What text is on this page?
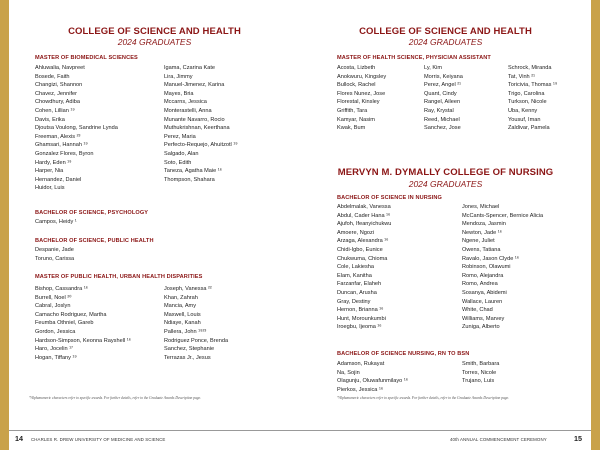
COLLEGE OF SCIENCE AND HEALTH
2024 GRADUATES
MASTER OF BIOMEDICAL SCIENCES
Ahluwalia, Navpreet
Bosede, Faith
Changizi, Shannon
Chavez, Jennifer
Chowdhury, Adiba
Cohen, Lillian ¹⁹
Davis, Erika
Djoutsa Voulong, Sandrine Lynda
Freeman, Alexis ²³
Ghamsari, Hannah ¹⁹
Gonzalez Flores, Byron
Hardy, Eden ¹⁹
Harper, Nia
Hernandez, Daniel
Huidor, Luis
Igama, Czarina Kate
Lira, Jimmy
Manuel-Jimenez, Karina
Mayes, Bria
Mccarns, Jessica
Monterastelli, Anna
Munante Navarro, Rocio
Muthukrishnan, Keerthana
Perez, Maria
Perfecto-Requejo, Ahuitzotl ¹⁹
Salgado, Alan
Soto, Edith
Taneza, Agatha Maie ¹⁶
Thompson, Shahara
BACHELOR OF SCIENCE, PSYCHOLOGY
Campos, Heidy ¹
BACHELOR OF SCIENCE, PUBLIC HEALTH
Despanie, Jade
Toruno, Carissa
MASTER OF PUBLIC HEALTH, URBAN HEALTH DISPARITIES
Bishop, Cassandra ¹⁶
Burrell, Noel ²⁰
Cabral, Joslyn
Camacho Rodriguez, Martha
Feumba Othniel, Gareb
Gordon, Jessica
Hardson-Simpson, Keonna Rayshell ¹⁶
Haro, Jocelin ¹⁷
Hogan, Tiffany ¹⁹
Joseph, Vanessa ²²
Khan, Zahrah
Mancia, Amy
Maxwell, Louis
Ndiaye, Kanah
Pallera, John ¹⁹²³
Rodriguez Ponce, Brenda
Sanchez, Stephanie
Terrazas Jr., Jesus
*Alphanumeric characters refer to specific awards. For further details, refer to the Graduate Awards Description page.
14 CHARLES R. DREW UNIVERSITY OF MEDICINE AND SCIENCE
COLLEGE OF SCIENCE AND HEALTH
2024 GRADUATES
MASTER OF HEALTH SCIENCE, PHYSICIAN ASSISTANT
Acosta, Lizbeth
Anokwuru, Kingsley
Bullock, Rachel
Flores Nunez, Jose
Florestal, Kinsley
Griffith, Tara
Kamyar, Nasim
Kwak, Bum
Ly, Kim
Morris, Keiyana
Perez, Angel ²¹
Quant, Cindy
Rangel, Aileen
Ray, Krystal
Reed, Michael
Sanchez, Jose
Schrock, Miranda
Tat, Vinh ²¹
Toricivia, Thomas ¹⁹
Trigo, Carolina
Turkson, Nicole
Uba, Kenny
Yousuf, Iman
Zaldivar, Pamela
MERVYN M. DYMALLY COLLEGE OF NURSING
2024 GRADUATES
BACHELOR OF SCIENCE IN NURSING
Abdelmalak, Vanessa
Abdul, Cader Hana ¹⁶
Ajufoh, Ifeanyichukwu
Amoere, Ngozi
Arzaga, Alexandra ¹⁶
Chidi-Igbo, Eunice
Chukwuma, Chioma
Cole, Lakiesha
Elam, Kanitha
Farzanfar, Elaheh
Duncan, Arusha
Gray, Destiny
Hernon, Brianna ¹⁶
Hunt, Morounkumbi
Iroegbu, Ijeoma ¹⁶
Jones, Michael
McCants-Spencer, Bernice Alicia
Mendoza, Jasmin
Newton, Jade ¹⁶
Ngene, Juliet
Owens, Tatiana
Ravalo, Jason Clyde ¹⁶
Robinson, Olawumi
Romo, Alejandra
Romo, Andrea
Sosanya, Abidemi
Wallace, Lauren
White, Chad
Williams, Marvey
Zuniga, Alberto
BACHELOR OF SCIENCE NURSING, RN TO BSN
Adamson, Rukayat
Na, Sojin
Olagunju, Oluwafunmilayo ¹⁶
Pierkos, Jessica ¹⁶
Smith, Barbara
Torres, Nicole
Trujano, Luis
*Alphanumeric characters refer to specific awards. For further details, refer to the Graduate Awards Description page.
40th ANNUAL COMMENCEMENT CEREMONY	15
